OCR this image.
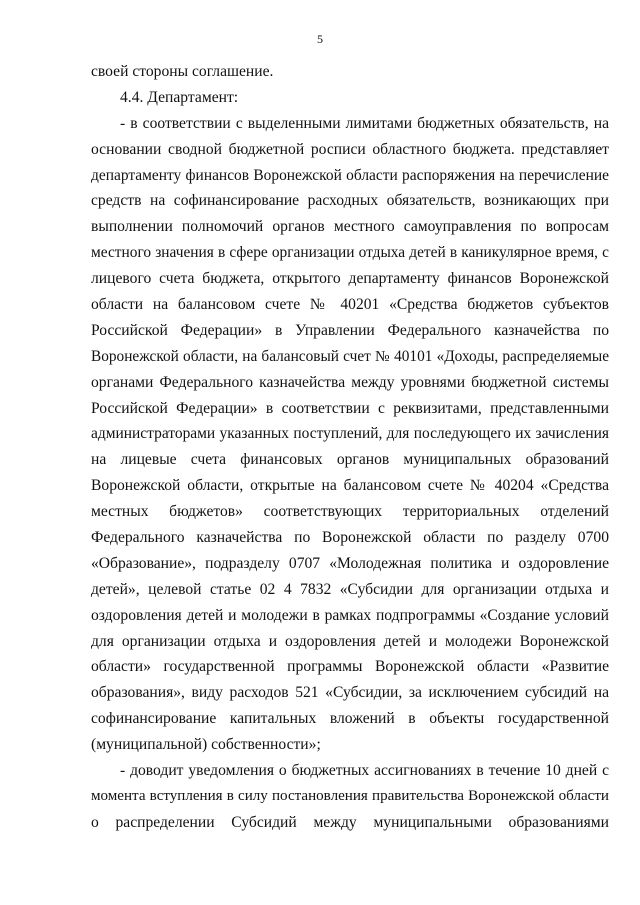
5
своей стороны соглашение.
4.4. Департамент:
- в соответствии с выделенными лимитами бюджетных обязательств, на
основании сводной бюджетной росписи областного бюджета. представляет
департаменту финансов Воронежской области распоряжения на перечисление
средств на софинансирование расходных обязательств, возникающих при
выполнении полномочий органов местного самоуправления по вопросам
местного значения в сфере организации отдыха детей в каникулярное время, с
лицевого счета бюджета, открытого департаменту финансов Воронежской
области на балансовом счете № 40201 «Средства бюджетов субъектов
Российской Федерации» в Управлении Федерального казначейства по
Воронежской области, на балансовый счет № 40101 «Доходы, распределяемые
органами Федерального казначейства между уровнями бюджетной системы
Российской Федерации» в соответствии с реквизитами, представленными
администраторами указанных поступлений, для последующего их зачисления
на лицевые счета финансовых органов муниципальных образований
Воронежской области, открытые на балансовом счете № 40204 «Средства
местных бюджетов» соответствующих территориальных отделений
Федерального казначейства по Воронежской области по разделу 0700
«Образование», подразделу 0707 «Молодежная политика и оздоровление
детей», целевой статье 02 4 7832 «Субсидии для организации отдыха и
оздоровления детей и молодежи в рамках подпрограммы «Создание условий
для организации отдыха и оздоровления детей и молодежи Воронежской
области» государственной программы Воронежской области «Развитие
образования», виду расходов 521 «Субсидии, за исключением субсидий на
софинансирование капитальных вложений в объекты государственной
(муниципальной) собственности»;
- доводит уведомления о бюджетных ассигнованиях в течение 10 дней с
момента вступления в силу постановления правительства Воронежской области
о распределении Субсидий между муниципальными образованиями
